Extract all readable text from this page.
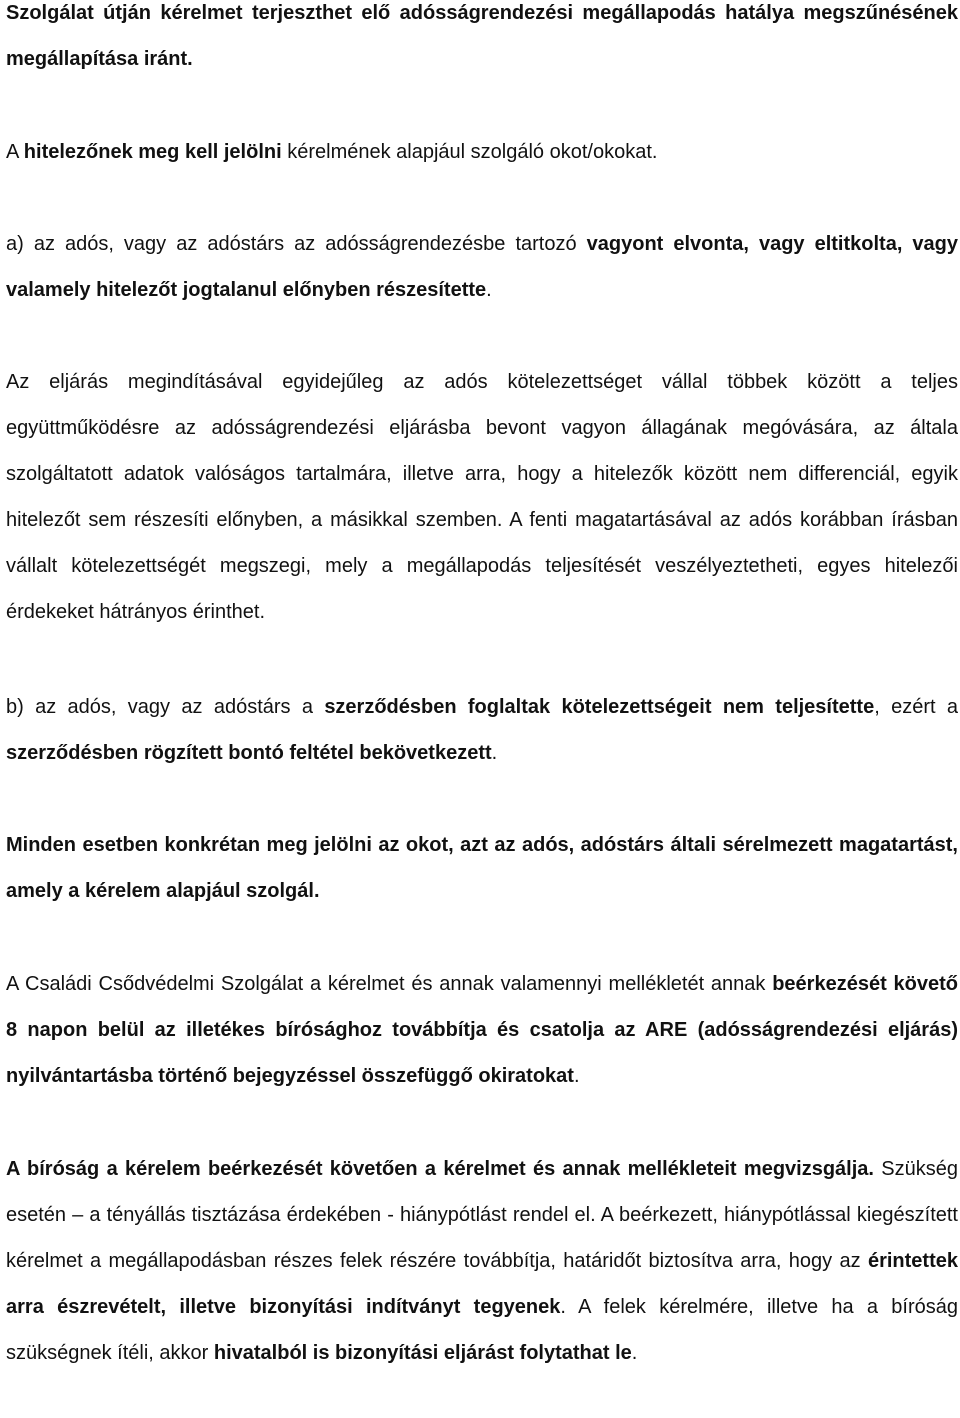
Szolgálat útján kérelmet terjeszthet elő adósságrendezési megállapodás hatálya megszűnésének megállapítása iránt.

A hitelezőnek meg kell jelölni kérelmének alapjául szolgáló okot/okokat.

a) az adós, vagy az adóstárs az adósságrendezésbe tartozó vagyont elvonta, vagy eltitkolta, vagy valamely hitelezőt jogtalanul előnyben részesítette.

Az eljárás megindításával egyidejűleg az adós kötelezettséget vállal többek között a teljes együttműködésre az adósságrendezési eljárásba bevont vagyon állagának megóvására, az általa szolgáltatott adatok valóságos tartalmára, illetve arra, hogy a hitelezők között nem differenciál, egyik hitelezőt sem részesíti előnyben, a másikkal szemben. A fenti magatartásával az adós korábban írásban vállalt kötelezettségét megszegi, mely a megállapodás teljesítését veszélyeztetheti, egyes hitelezői érdekeket hátrányos érinthet.

b) az adós, vagy az adóstárs a szerződésben foglaltak kötelezettségeit nem teljesítette, ezért a szerződésben rögzített bontó feltétel bekövetkezett.

Minden esetben konkrétan meg jelölni az okot, azt az adós, adóstárs általi sérelmezett magatartást, amely a kérelem alapjául szolgál.

A Családi Csődvédelmi Szolgálat a kérelmet és annak valamennyi mellékletét annak beérkezését követő 8 napon belül az illetékes bírósághoz továbbítja és csatolja az ARE (adósságrendezési eljárás) nyilvántartásba történő bejegyzéssel összefüggő okiratokat.

A bíróság a kérelem beérkezését követően a kérelmet és annak mellékleteit megvizsgálja. Szükség esetén – a tényállás tisztázása érdekében - hiánypótlást rendel el. A beérkezett, hiánypótlással kiegészített kérelmet a megállapodásban részes felek részére továbbítja, határidőt biztosítva arra, hogy az érintettek arra észrevételt, illetve bizonyítási indítványt tegyenek. A felek kérelmére, illetve ha a bíróság szükségnek ítéli, akkor hivatalból is bizonyítási eljárást folytathat le.
